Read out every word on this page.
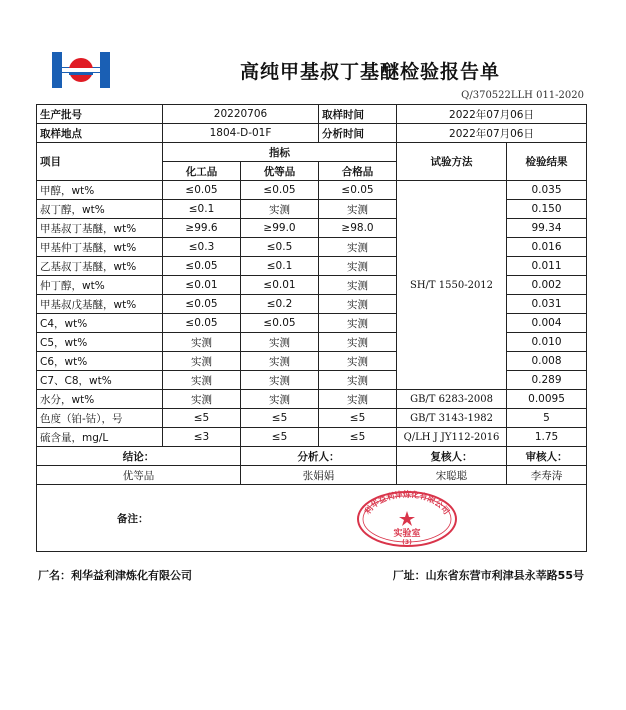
高纯甲基叔丁基醚检验报告单
Q/370522LLH 011-2020
生产批号	20220706		取样时间	2022年07月06日	
取样地点	1804-D-01F		分析时间	2022年07月06日	
项目	指标			试验方法	检验结果
	化工品	优等品	合格品		
甲醇，wt%	≤0.05	≤0.05	≤0.05	SH/T 1550-2012	0.035
叔丁醇，wt%	≤0.1	实测	实测		0.150
甲基叔丁基醚，wt%	≥99.6	≥99.0	≥98.0		99.34
甲基仲丁基醚，wt%	≤0.3	≤0.5	实测		0.016
乙基叔丁基醚，wt%	≤0.05	≤0.1	实测		0.011
仲丁醇，wt%	≤0.01	≤0.01	实测		0.002
甲基叔戊基醚，wt%	≤0.05	≤0.2	实测		0.031
C4，wt%	≤0.05	≤0.05	实测		0.004
C5，wt%	实测	实测	实测		0.010
C6，wt%	实测	实测	实测		0.008
C7、C8，wt%	实测	实测	实测		0.289
水分，wt%	实测	实测	实测	GB/T 6283-2008	0.0095
色度（铂-钴），号	≤5	≤5	≤5	GB/T 3143-1982	5
硫含量，mg/L	≤3	≤5	≤5	Q/LH J JY112-2016	1.75
结论：		分析人：		复核人：	审核人：
优等品		张娟娟		宋聪聪	李寿涛
备注：
利华益利津炼化有限公司
实验室
(3)					
厂名：利华益利津炼化有限公司	厂址：山东省东营市利津县永莘路55号
